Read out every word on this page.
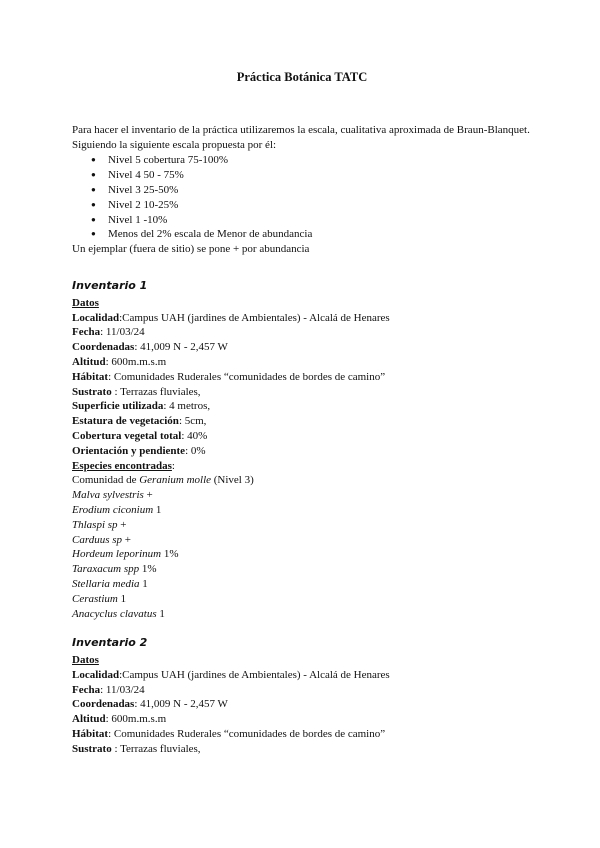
Práctica Botánica TATC

Para hacer el inventario de la práctica utilizaremos la escala, cualitativa aproximada de Braun-Blanquet. Siguiendo la siguiente escala propuesta por él:

● Nivel 5 cobertura 75-100%
● Nivel 4 50 - 75%
● Nivel 3 25-50%
● Nivel 2 10-25%
● Nivel 1 -10%
● Menos del 2% escala de Menor de abundancia

Un ejemplar (fuera de sitio) se pone + por abundancia

Inventario 1
Datos
Localidad:Campus UAH (jardines de Ambientales) - Alcalá de Henares
Fecha: 11/03/24
Coordenadas: 41,009 N - 2,457 W
Altitud: 600m.m.s.m
Hábitat: Comunidades Ruderales “comunidades de bordes de camino”
Sustrato : Terrazas fluviales,
Superficie utilizada: 4 metros,
Estatura de vegetación: 5cm,
Cobertura vegetal total: 40%
Orientación y pendiente: 0%
Especies encontradas:
Comunidad de Geranium molle (Nivel 3)
Malva sylvestris +
Erodium ciconium 1
Thlaspi sp +
Carduus sp +
Hordeum leporinum 1%
Taraxacum spp 1%
Stellaria media 1
Cerastium 1
Anacyclus clavatus 1
Inventario 2
Datos
Localidad:Campus UAH (jardines de Ambientales) - Alcalá de Henares
Fecha: 11/03/24
Coordenadas: 41,009 N - 2,457 W
Altitud: 600m.m.s.m
Hábitat: Comunidades Ruderales “comunidades de bordes de camino”
Sustrato : Terrazas fluviales,
